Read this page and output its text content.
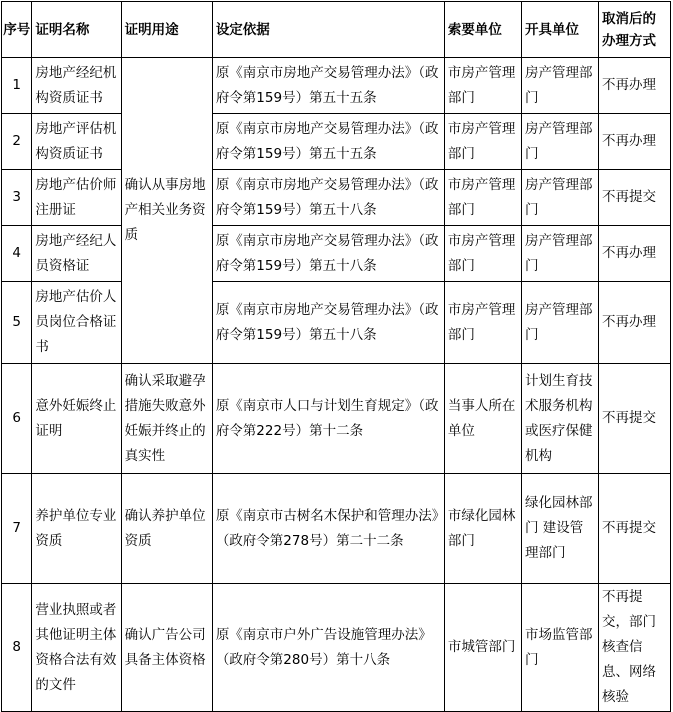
序号	证明名称	证明用途	设定依据	索要单位	开具单位	取消后的办理方式
1	房地产经纪机构资质证书	确认从事房地产相关业务资质	原《南京市房地产交易管理办法》（政府令第159号）第五十五条	市房产管理部门	房产管理部门	不再办理
2	房地产评估机构资质证书		原《南京市房地产交易管理办法》（政府令第159号）第五十五条	市房产管理部门	房产管理部门	不再办理
3	房地产估价师注册证		原《南京市房地产交易管理办法》（政府令第159号）第五十八条	市房产管理部门	房产管理部门	不再提交
4	房地产经纪人员资格证		原《南京市房地产交易管理办法》（政府令第159号）第五十八条	市房产管理部门	房产管理部门	不再办理
5	房地产估价人员岗位合格证书		原《南京市房地产交易管理办法》（政府令第159号）第五十八条	市房产管理部门	房产管理部门	不再办理
6	意外妊娠终止证明	确认采取避孕措施失败意外妊娠并终止的真实性	原《南京市人口与计划生育规定》（政府令第222号）第十二条	当事人所在单位	计划生育技术服务机构或医疗保健机构	不再提交
7	养护单位专业资质	确认养护单位资质	原《南京市古树名木保护和管理办法》（政府令第278号）第二十二条	市绿化园林部门	绿化园林部门 建设管理部门	不再提交
8	营业执照或者其他证明主体资格合法有效的文件	确认广告公司具备主体资格	原《南京市户外广告设施管理办法》（政府令第280号）第十八条	市城管部门	市场监管部门	不再提交，部门核查信息、网络核验
